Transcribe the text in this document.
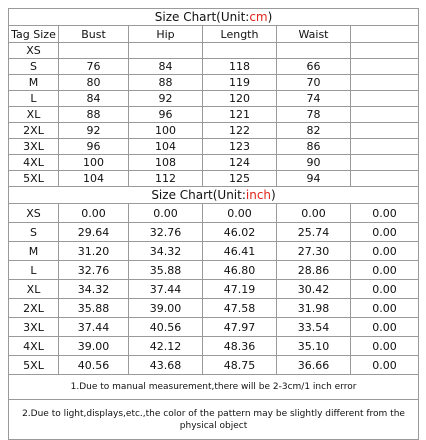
Size Chart(Unit:cm)					
Tag Size	Bust	Hip	Length	Waist	
XS					
S	76	84	118	66	
M	80	88	119	70	
L	84	92	120	74	
XL	88	96	121	78	
2XL	92	100	122	82	
3XL	96	104	123	86	
4XL	100	108	124	90	
5XL	104	112	125	94	
Size Chart(Unit:inch)					
XS	0.00	0.00	0.00	0.00	0.00
S	29.64	32.76	46.02	25.74	0.00
M	31.20	34.32	46.41	27.30	0.00
L	32.76	35.88	46.80	28.86	0.00
XL	34.32	37.44	47.19	30.42	0.00
2XL	35.88	39.00	47.58	31.98	0.00
3XL	37.44	40.56	47.97	33.54	0.00
4XL	39.00	42.12	48.36	35.10	0.00
5XL	40.56	43.68	48.75	36.66	0.00
1.Due to manual measurement,there will be 2-3cm/1 inch error					
2.Due to light,displays,etc.,the color of the pattern may be slightly different from the physical object					
